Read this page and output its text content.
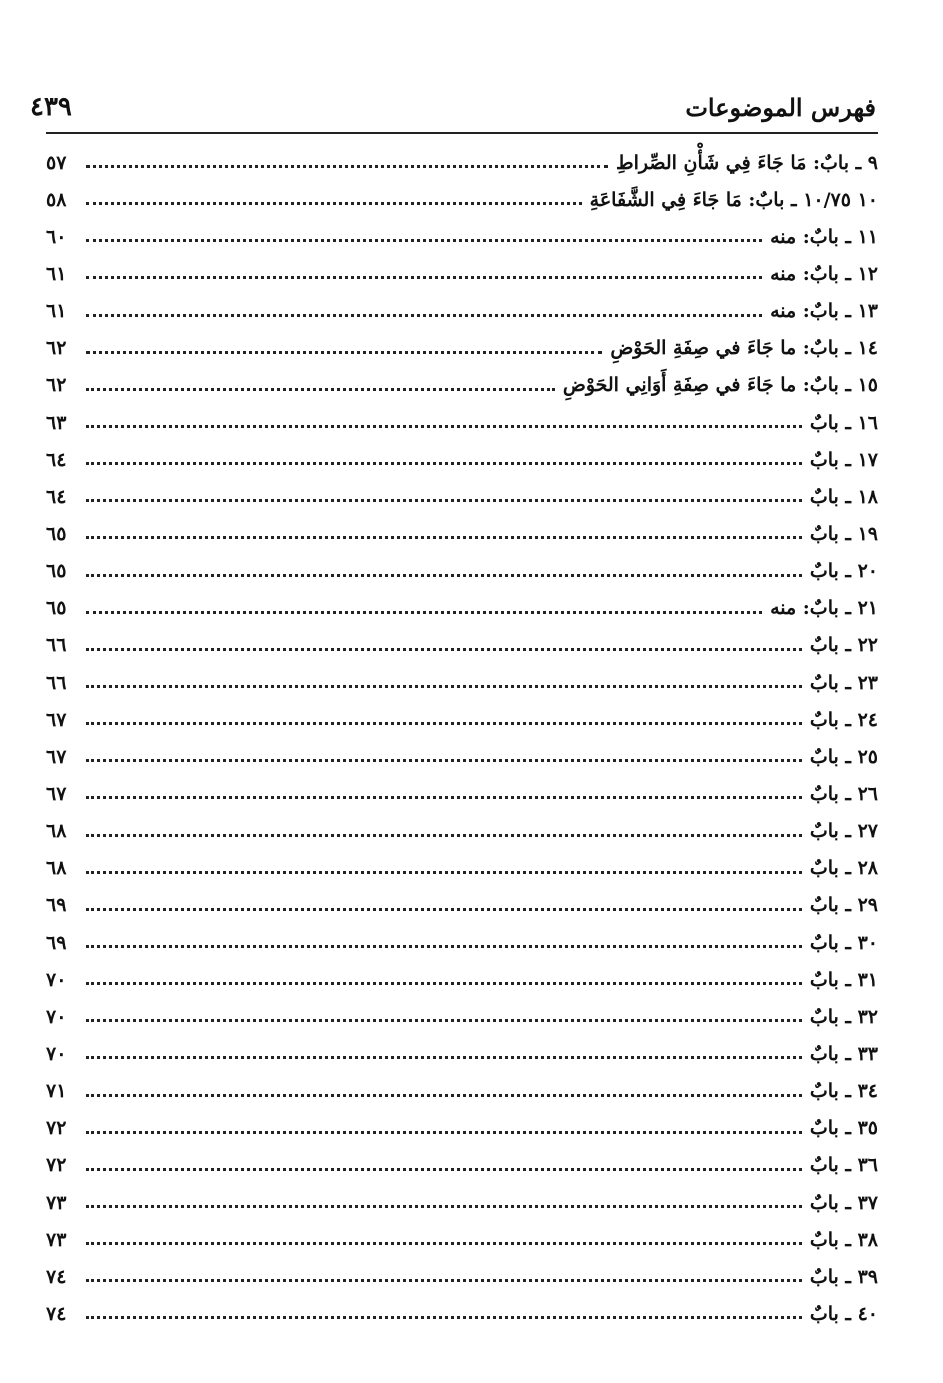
فهرس الموضوعات
٤٣٩
٩ ـ بابٌ: مَا جَاءَ فِي شَأْنِ الصِّراطِ
٥٧
١٠ ١٠/٧٥ ـ بابٌ: مَا جَاءَ فِي الشَّفَاعَةِ
٥٨
١١ ـ بابٌ: منه
٦٠
١٢ ـ بابٌ: منه
٦١
١٣ ـ بابٌ: منه
٦١
١٤ ـ بابٌ: ما جَاءَ في صِفَةِ الحَوْضِ
٦٢
١٥ ـ بابٌ: ما جَاءَ في صِفَةِ أَوَانِي الحَوْضِ
٦٢
١٦ ـ بابٌ
٦٣
١٧ ـ بابٌ
٦٤
١٨ ـ بابٌ
٦٤
١٩ ـ بابٌ
٦٥
٢٠ ـ بابٌ
٦٥
٢١ ـ بابٌ: منه
٦٥
٢٢ ـ بابٌ
٦٦
٢٣ ـ بابٌ
٦٦
٢٤ ـ بابٌ
٦٧
٢٥ ـ بابٌ
٦٧
٢٦ ـ بابٌ
٦٧
٢٧ ـ بابٌ
٦٨
٢٨ ـ بابٌ
٦٨
٢٩ ـ بابٌ
٦٩
٣٠ ـ بابٌ
٦٩
٣١ ـ بابٌ
٧٠
٣٢ ـ بابٌ
٧٠
٣٣ ـ بابٌ
٧٠
٣٤ ـ بابٌ
٧١
٣٥ ـ بابٌ
٧٢
٣٦ ـ بابٌ
٧٢
٣٧ ـ بابٌ
٧٣
٣٨ ـ بابٌ
٧٣
٣٩ ـ بابٌ
٧٤
٤٠ ـ بابٌ
٧٤
